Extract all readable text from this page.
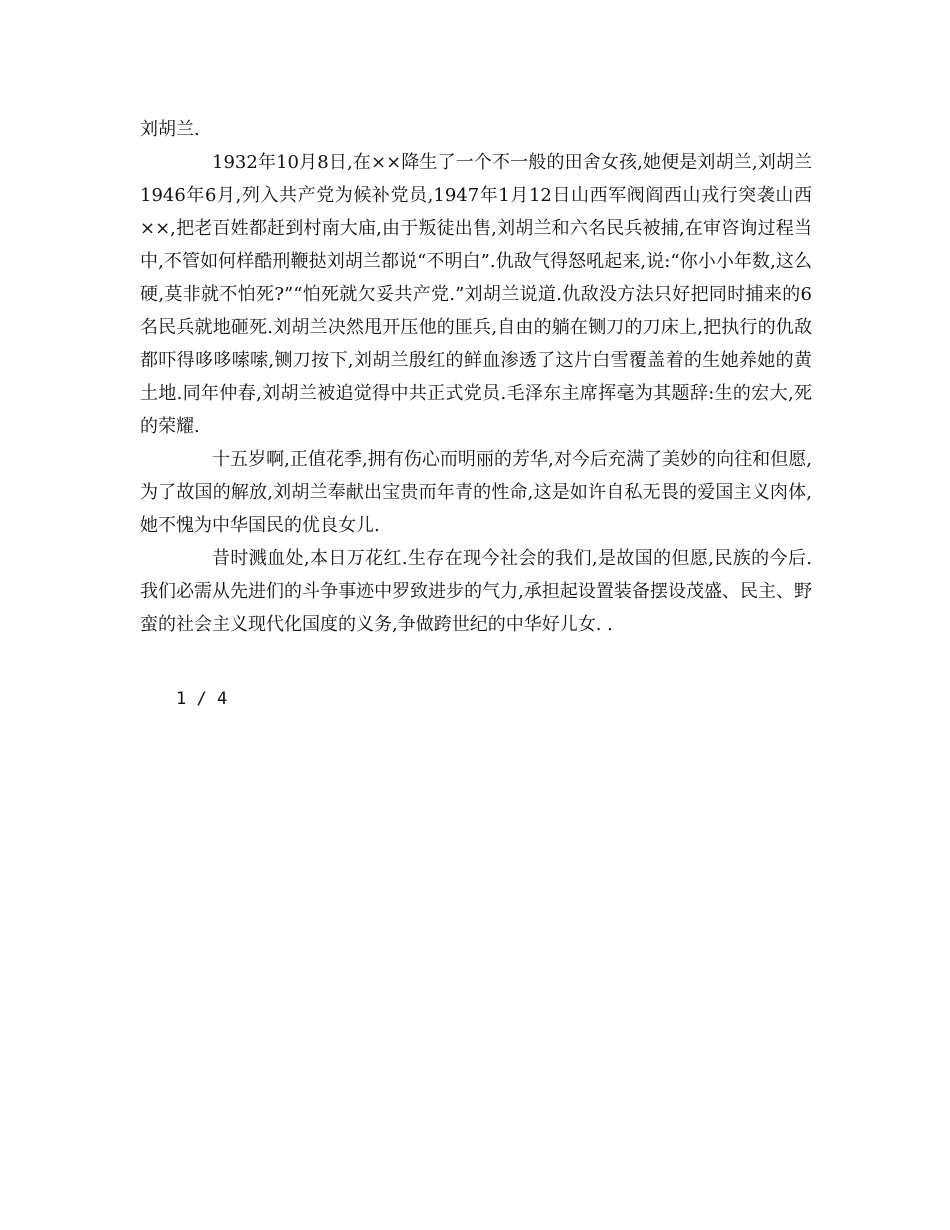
刘胡兰.

1932年10月8日,在××降生了一个不一般的田舍女孩,她便是刘胡兰,刘胡兰1946年6月,列入共产党为候补党员,1947年1月12日山西军阀阎西山戎行突袭山西××,把老百姓都赶到村南大庙,由于叛徒出售,刘胡兰和六名民兵被捕,在审咨询过程当中,不管如何样酷刑鞭挞刘胡兰都说“不明白”.仇敌气得怒吼起来,说:“你小小年数,这么硬,莫非就不怕死?”“怕死就欠妥共产党.”刘胡兰说道.仇敌没方法只好把同时捕来的6名民兵就地砸死.刘胡兰决然甩开压他的匪兵,自由的躺在铡刀的刀床上,把执行的仇敌都吓得哆哆嗦嗦,铡刀按下,刘胡兰殷红的鲜血渗透了这片白雪覆盖着的生她养她的黄土地.同年仲春,刘胡兰被追觉得中共正式党员.毛泽东主席挥毫为其题辞:生的宏大,死的荣耀.

十五岁啊,正值花季,拥有伤心而明丽的芳华,对今后充满了美妙的向往和但愿,为了故国的解放,刘胡兰奉献出宝贵而年青的性命,这是如许自私无畏的爱国主义肉体,她不愧为中华国民的优良女儿.

昔时溅血处,本日万花红.生存在现今社会的我们,是故国的但愿,民族的今后.我们必需从先进们的斗争事迹中罗致进步的气力,承担起设置装备摆设茂盛、民主、野蛮的社会主义现代化国度的义务,争做跨世纪的中华好儿女. .

1 / 4
